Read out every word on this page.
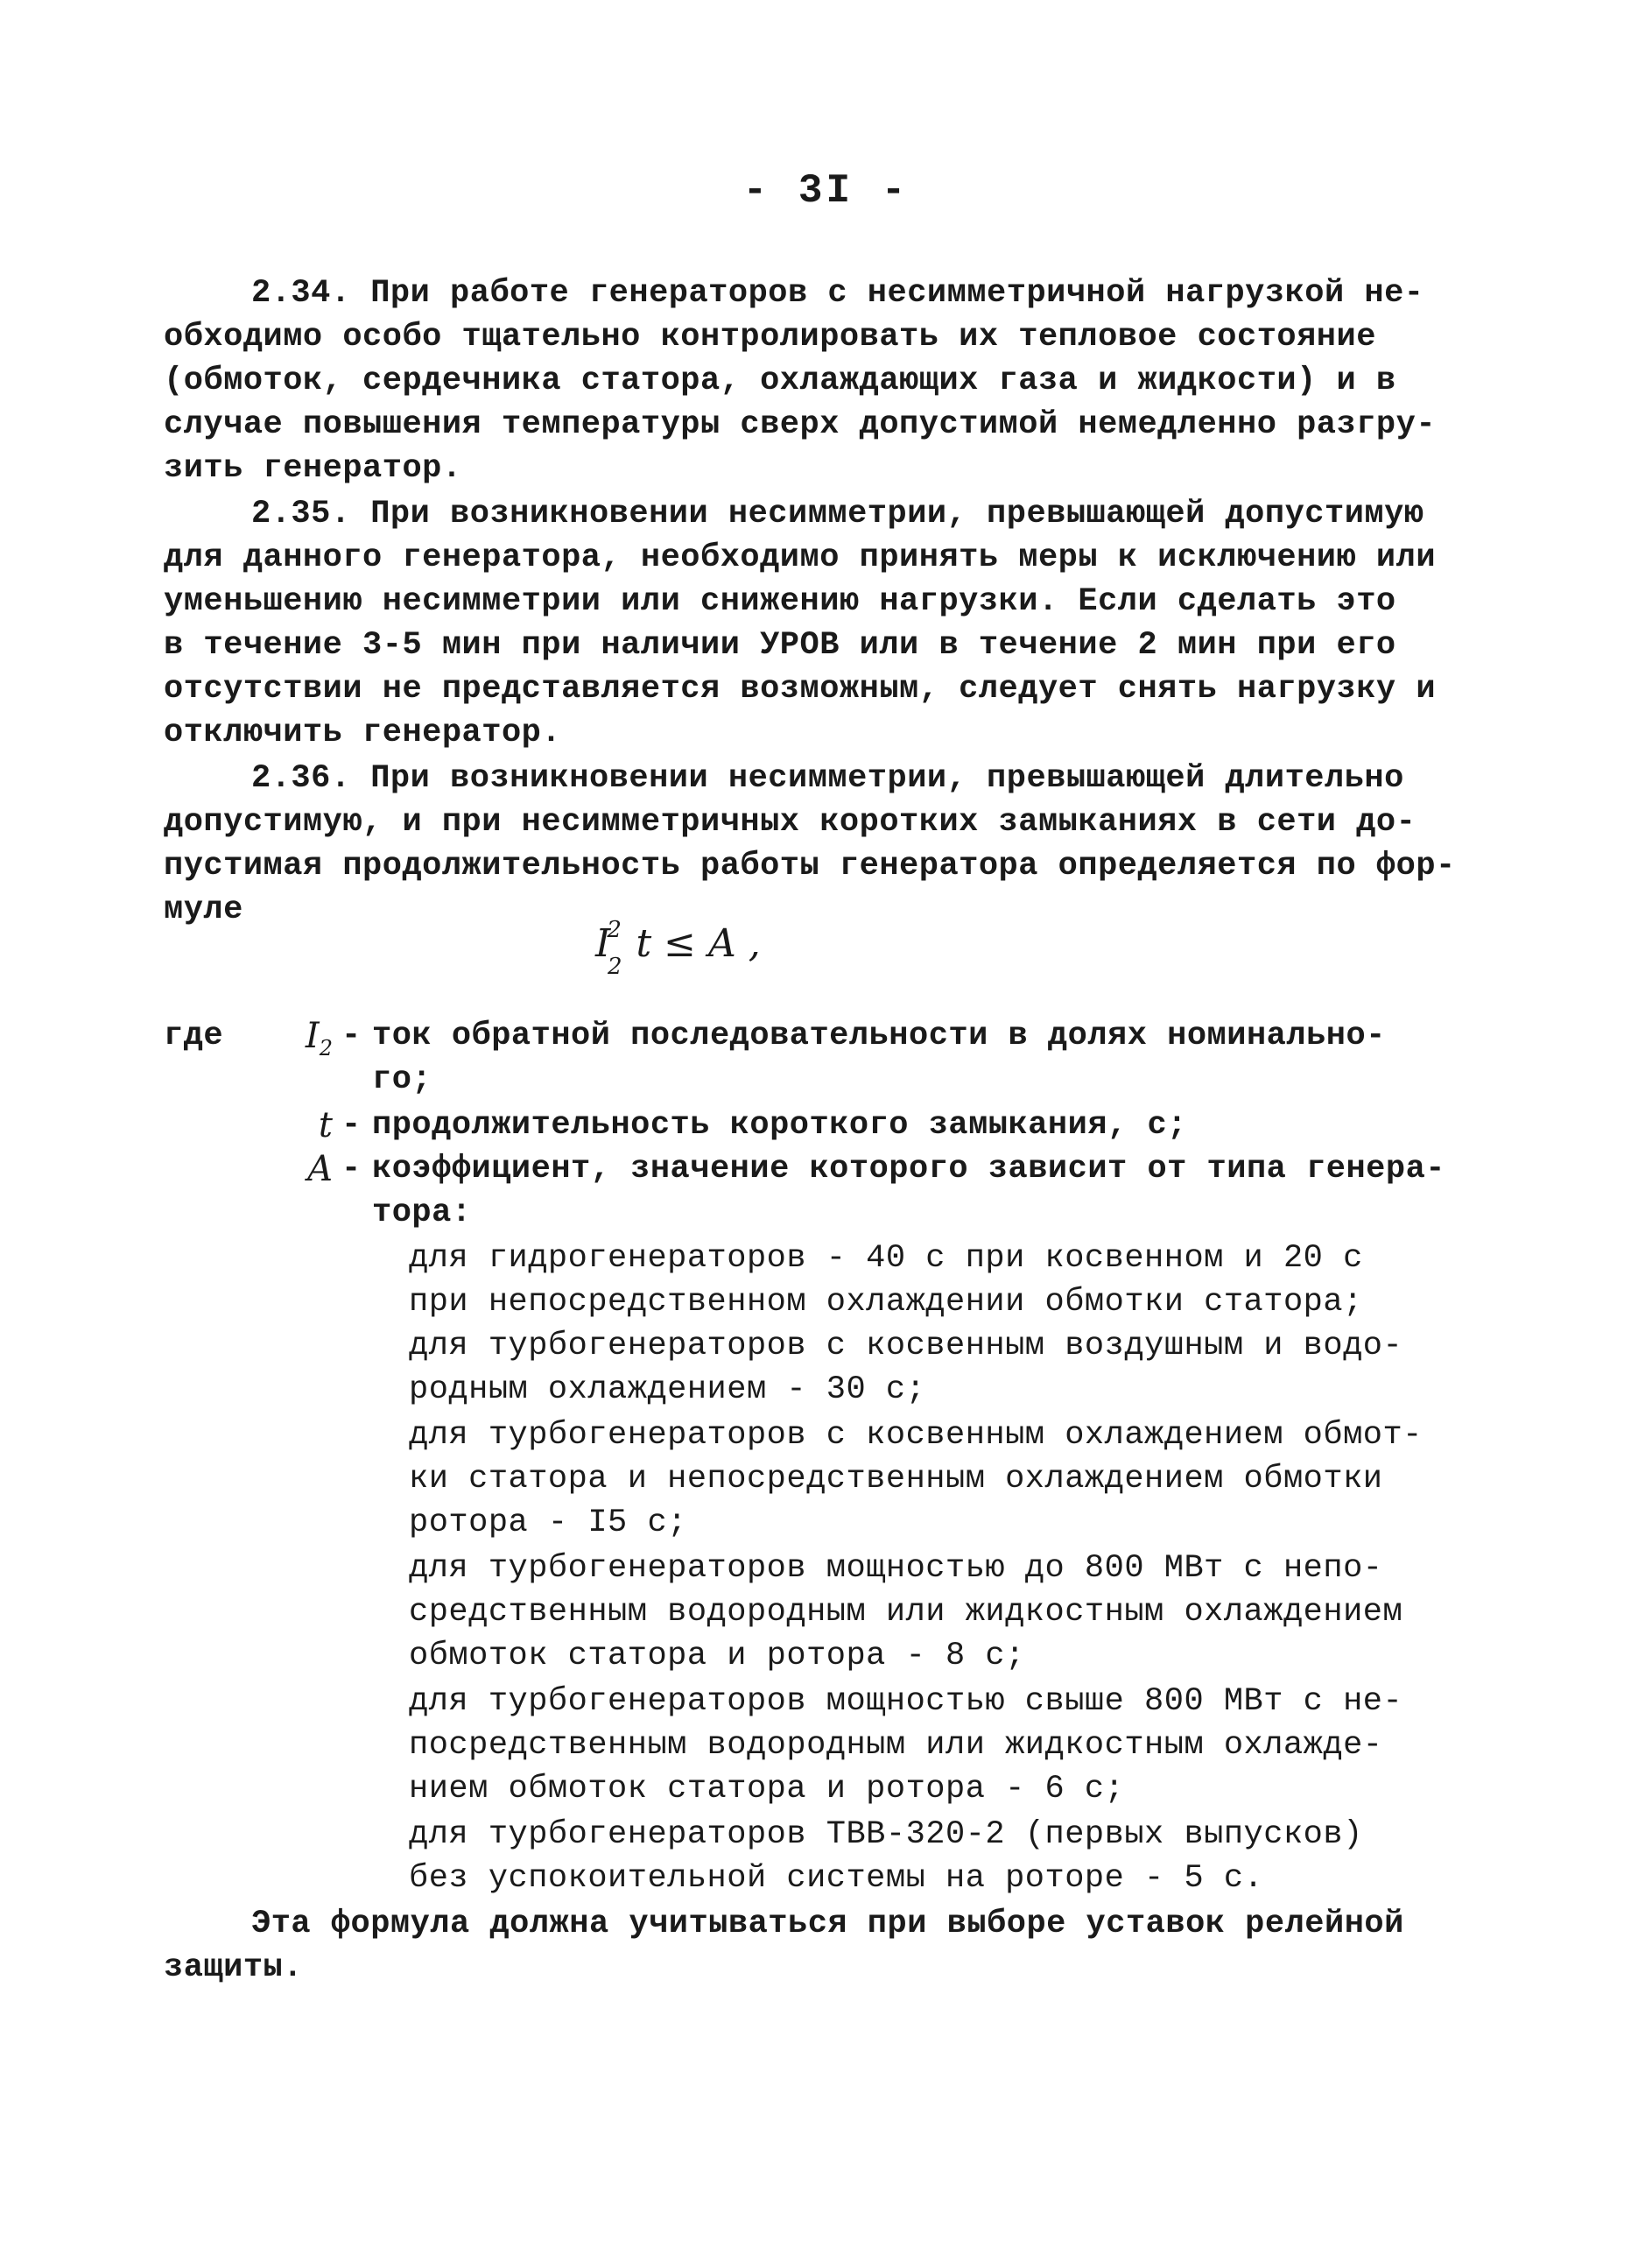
- 3I -
2.34. При работе генераторов с несимметричной нагрузкой не-
обходимо особо тщательно контролировать их тепловое состояние
(обмоток, сердечника статора, охлаждающих газа и жидкости) и в
случае повышения температуры сверх допустимой немедленно разгру-
зить генератор.
2.35. При возникновении несимметрии, превышающей допустимую
для данного генератора, необходимо принять меры к исключению или
уменьшению несимметрии или снижению нагрузки. Если сделать это
в течение 3-5 мин при наличии УРОВ или в течение 2 мин при его
отсутствии не представляется возможным, следует снять нагрузку и
отключить генератор.
2.36. При возникновении несимметрии, превышающей длительно
допустимую, и при несимметричных коротких замыканиях в сети до-
пустимая продолжительность работы генератора определяется по фор-
муле
$I^2_2t \le A$ ,
где	$I_2$ - ток обратной последовательности в долях номинально-
го;
t - продолжительность короткого замыкания, с;
A - коэффициент, значение которого зависит от типа генера-
тора:
для гидрогенераторов - 40 с при косвенном и 20 с
при непосредственном охлаждении обмотки статора;
для турбогенераторов с косвенным воздушным и водо-
родным охлаждением - 30 с;
для турбогенераторов с косвенным охлаждением обмот-
ки статора и непосредственным охлаждением обмотки
ротора - I5 с;
для турбогенераторов мощностью до 800 МВт с непо-
средственным водородным или жидкостным охлаждением
обмоток статора и ротора - 8 с;
для турбогенераторов мощностью свыше 800 МВт с не-
посредственным водородным или жидкостным охлажде-
нием обмоток статора и ротора - 6 с;
для турбогенераторов ТВВ-320-2 (первых выпусков)
без успокоительной системы на роторе - 5 с.
Эта формула должна учитываться при выборе уставок релейной
защиты.
